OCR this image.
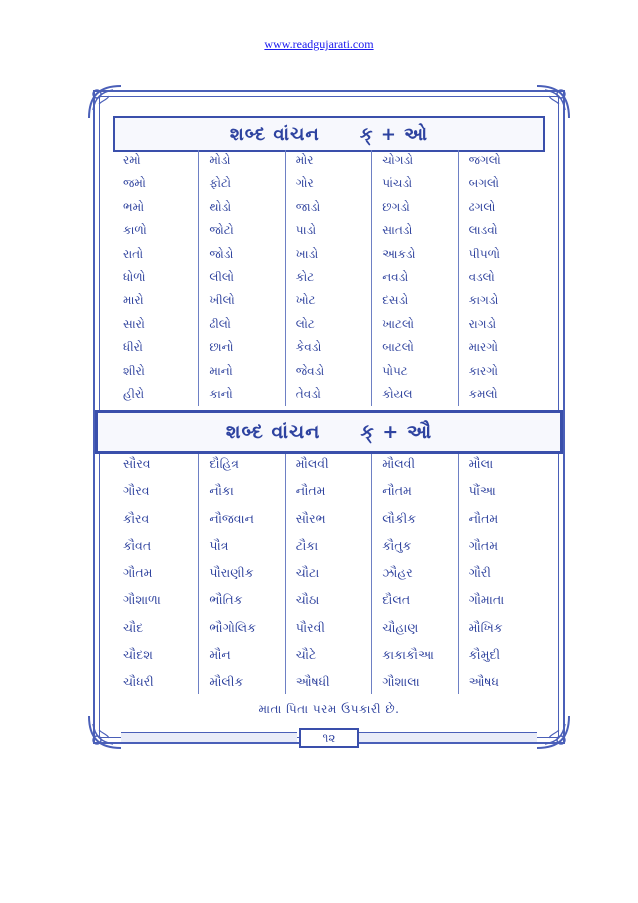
www.readgujarati.com
શબ્દ વાંચન ક્ + ઓ
રમો
જમો
ભમો
કાળો
રાતો
ધોળો
મારો
સારો
ધીરો
શીરો
હીરો
મોડો
ફોટો
થોડો
જોટો
જોડો
લીલો
ખીલો
ઢીલો
છાનો
માનો
કાનો
મોર
ગોર
જાડો
પાડો
ખાડો
કોટ
ખોટ
લોટ
કેવડો
જેવડો
તેવડો
ચોગડો
પાંચડો
છગડો
સાતડો
આકડો
નવડો
દસડો
ખાટલો
બાટલો
પોપટ
કોયલ
જગલો
બગલો
ઢગલો
લાડવો
પીપળો
વડલો
કાગડો
રાગડો
મારગો
કારગો
કમલો
શબ્દ વાંચન ક્ + ઔ
સૌરવ
ગૌરવ
કૌરવ
કૌવત
ગૌતમ
ગૌશાળા
ચૌદ
ચૌદશ
ચૌધરી
દૌહિત્ર
નૌકા
નૌજવાન
પૌત્ર
પૌરાણીક
ભૌતિક
ભૌગોલિક
મૌન
મૌલીક
મૌલવી
નૌતમ
સૌરભ
ટૌકા
ચૌટા
ચૌઠા
પૌરવી
ચૌટે
ઔષધી
મૌલવી
નૌતમ
લૌકીક
કૌતુક
ઝૌહર
દૌલત
ચૌહાણ
કાકાકૌઆ
ગૌશાલા
મૌલા
પૌંઆ
નૌતમ
ગૌતમ
ગૌરી
ગૌમાતા
મૌખિક
કૌમુદી
ઔષધ
માતા પિતા પરમ ઉપકારી છે.
૧૨
